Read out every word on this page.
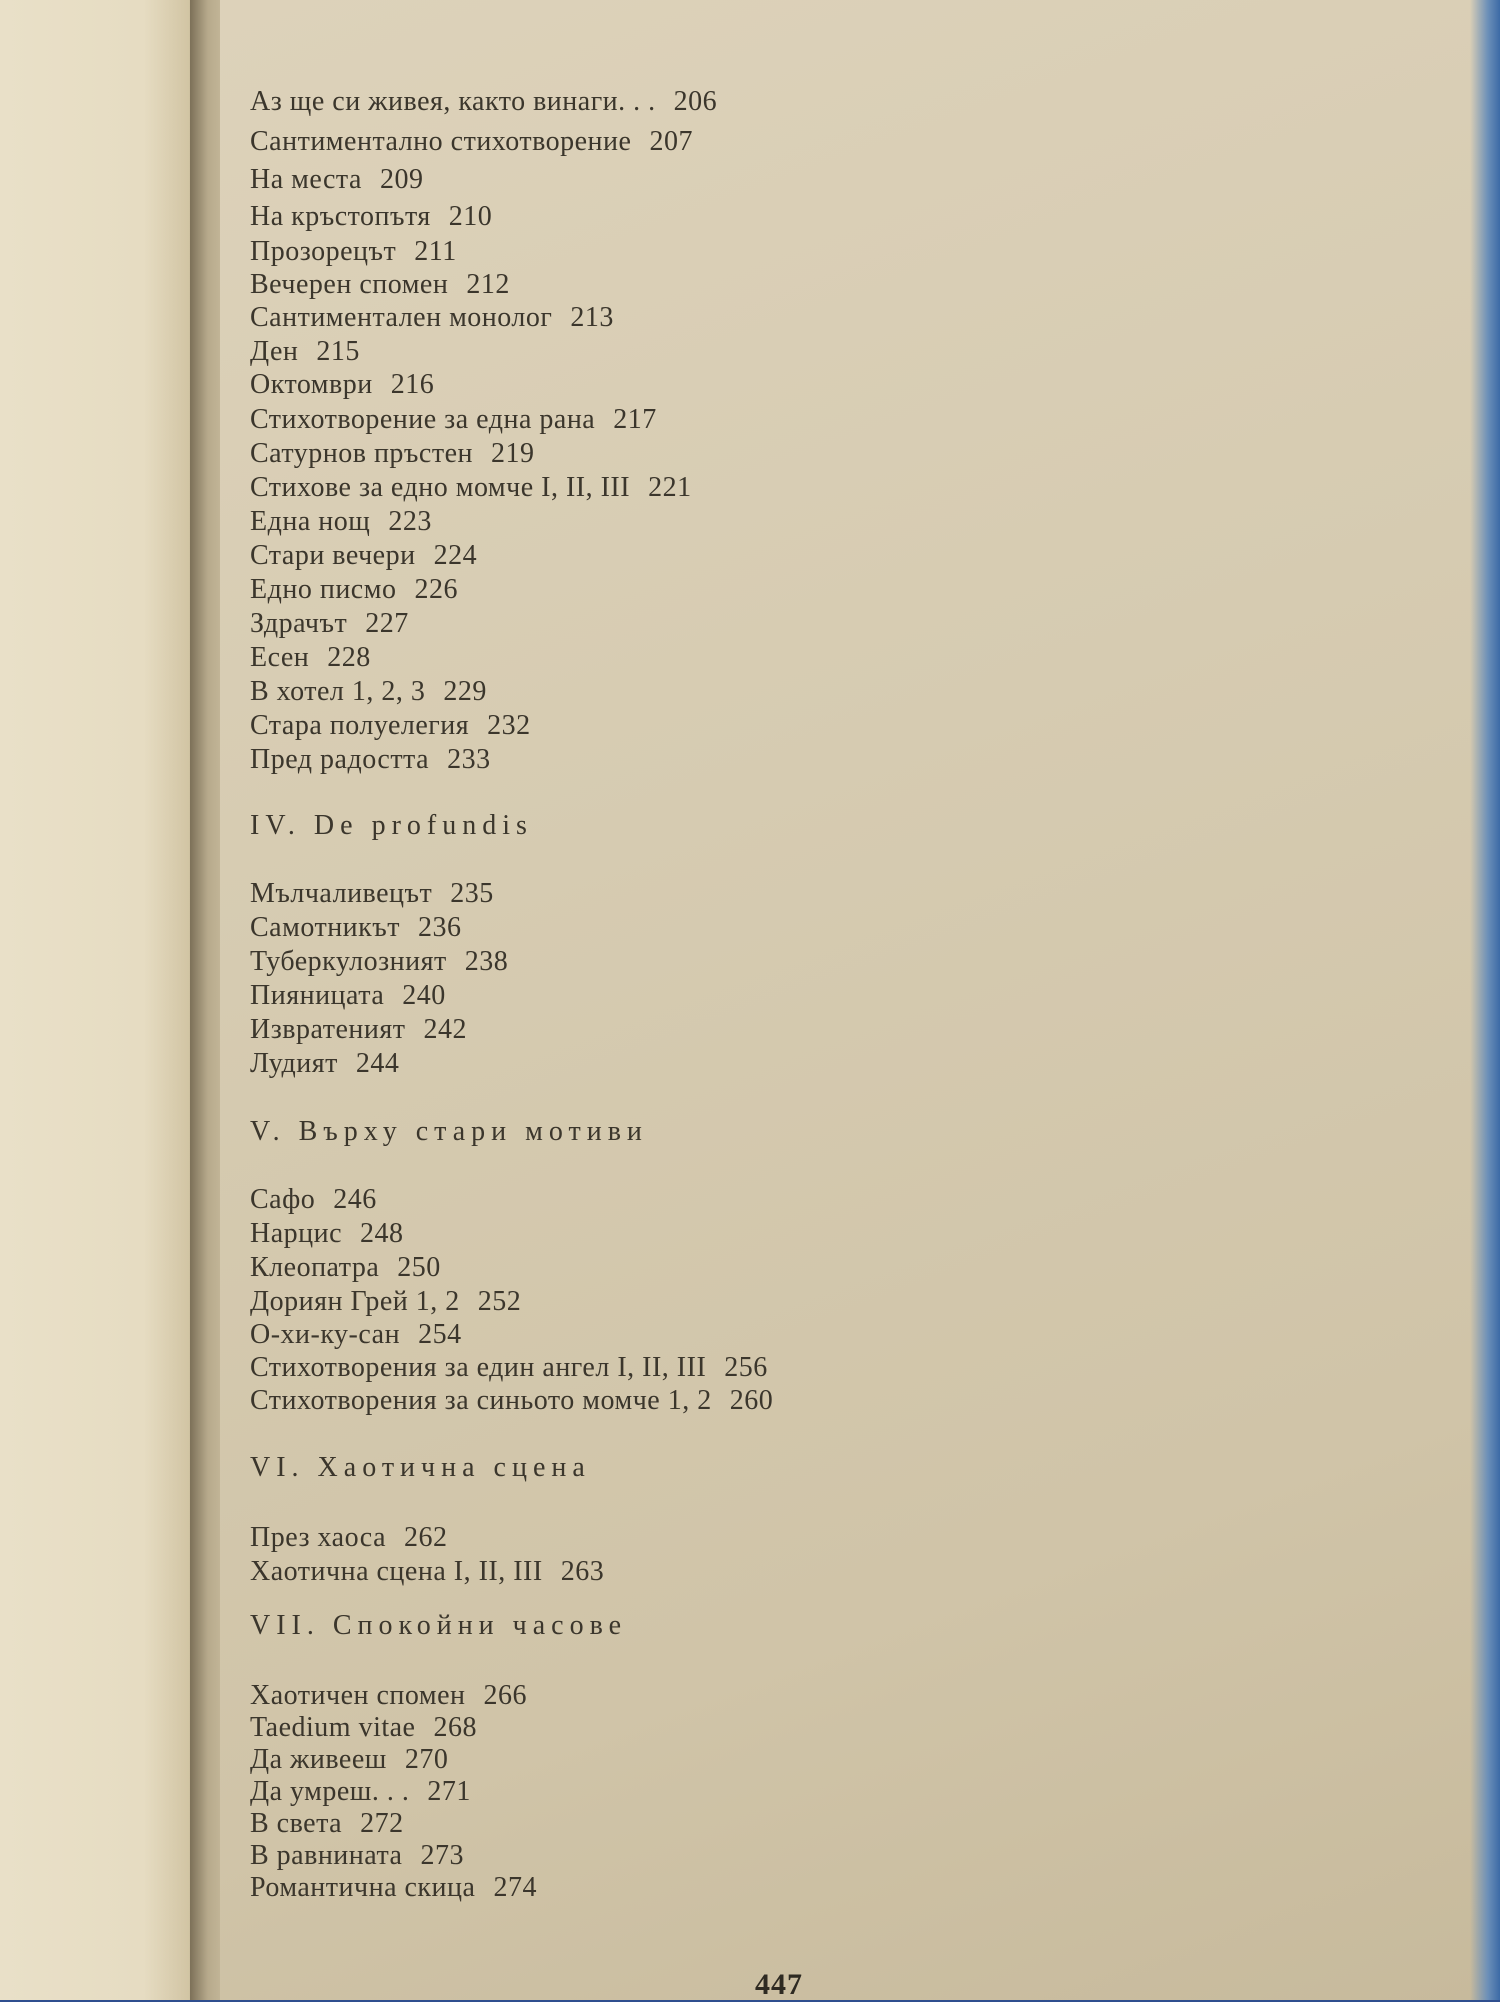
Аз ще си живея, както винаги. . . 206
Сантиментално стихотворение 207
На места 209
На кръстопътя 210
Прозорецът 211
Вечерен спомен 212
Сантиментален монолог 213
Ден 215
Октомври 216
Стихотворение за една рана 217
Сатурнов пръстен 219
Стихове за едно момче I, II, III 221
Една нощ 223
Стари вечери 224
Едно писмо 226
Здрачът 227
Есен 228
В хотел 1, 2, 3 229
Стара полуелегия 232
Пред радостта 233
IV. De profundis
Мълчаливецът 235
Самотникът 236
Туберкулозният 238
Пияницата 240
Извратеният 242
Лудият 244
V. Върху стари мотиви
Сафо 246
Нарцис 248
Клеопатра 250
Дориян Грей 1, 2 252
О-хи-ку-сан 254
Стихотворения за един ангел I, II, III 256
Стихотворения за синьото момче 1, 2 260
VI. Хаотична сцена
През хаоса 262
Хаотична сцена I, II, III 263
VII. Спокойни часове
Хаотичен спомен 266
Taedium vitae 268
Да живееш 270
Да умреш. . . 271
В света 272
В равнината 273
Романтична скица 274
447
